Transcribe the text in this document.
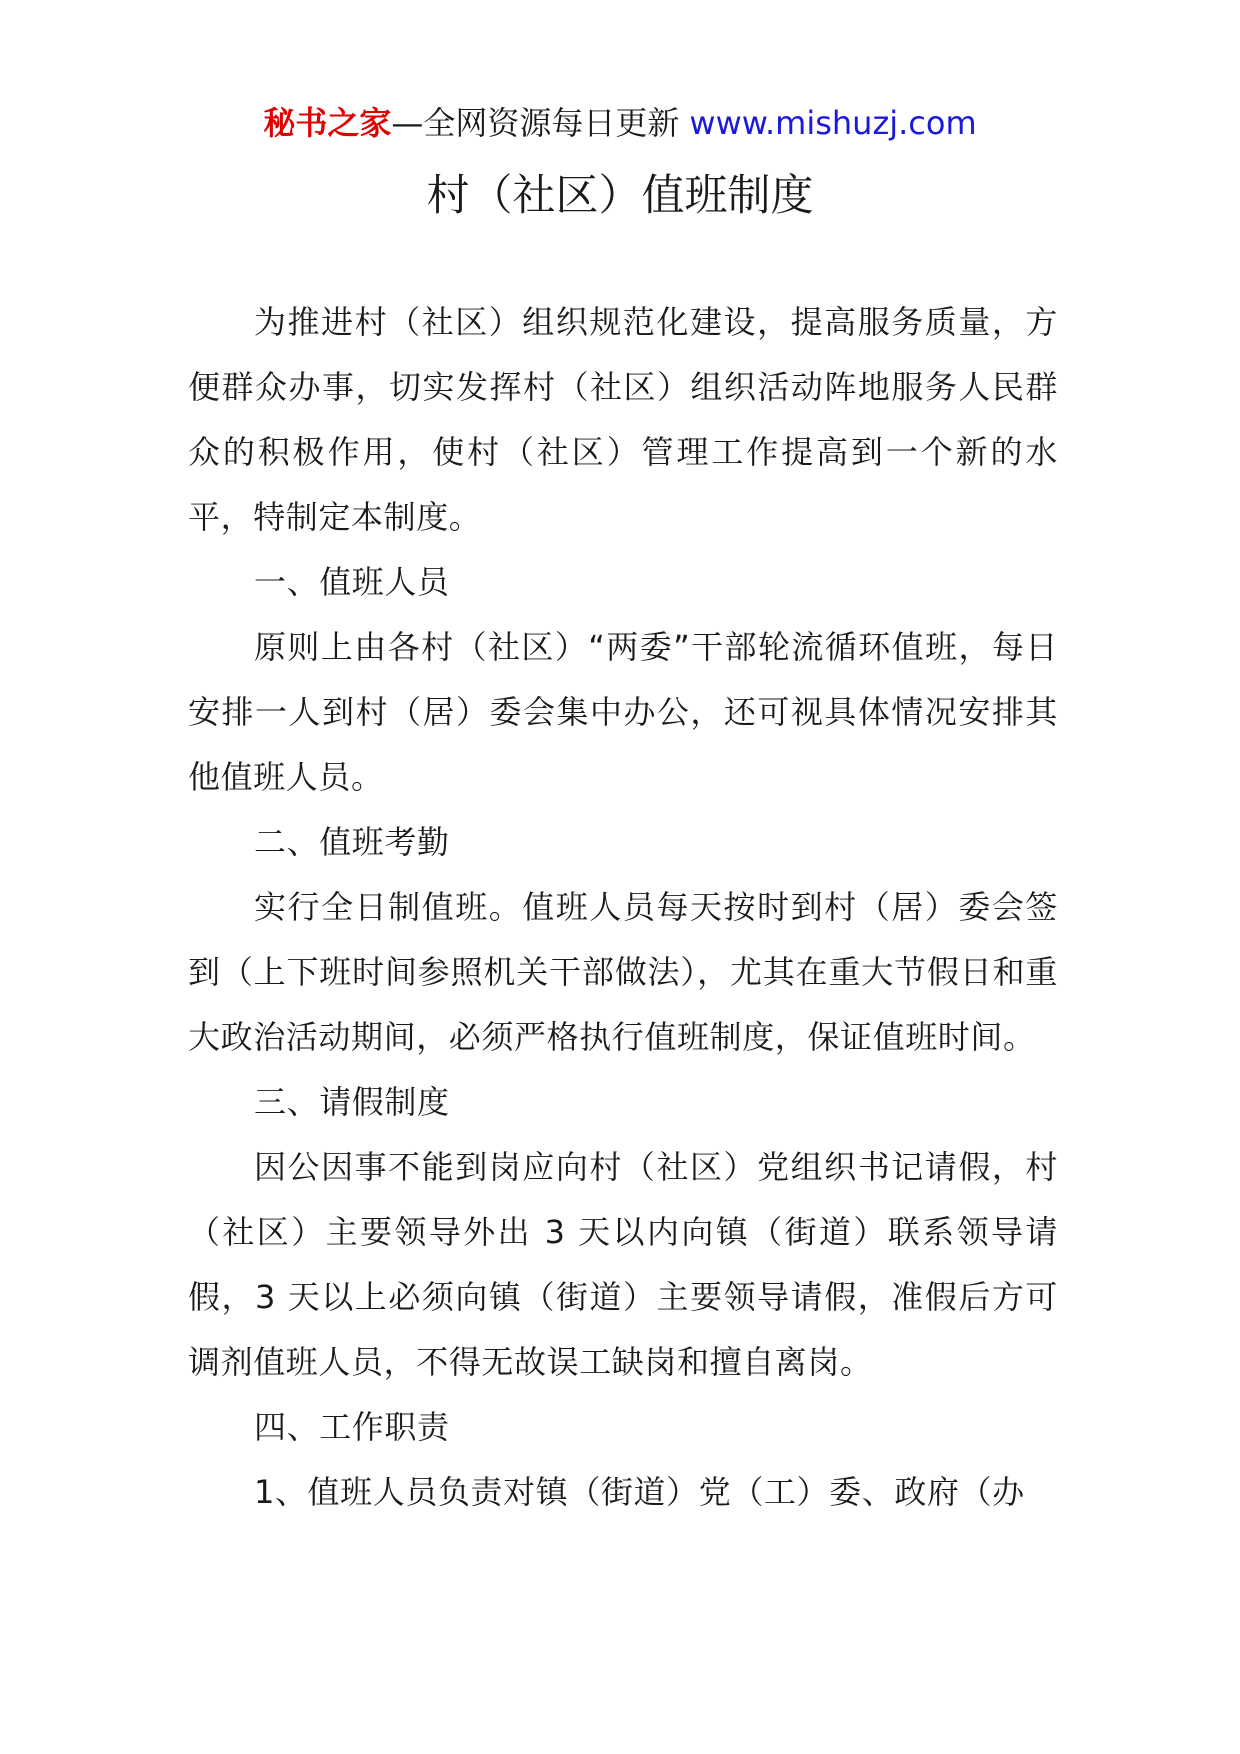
秘书之家—全网资源每日更新 www.mishuzj.com
村（社区）值班制度

为推进村（社区）组织规范化建设，提高服务质量，方便群众办事，切实发挥村（社区）组织活动阵地服务人民群众的积极作用，使村（社区）管理工作提高到一个新的水平，特制定本制度。

一、值班人员

原则上由各村（社区）“两委”干部轮流循环值班，每日安排一人到村（居）委会集中办公，还可视具体情况安排其他值班人员。

二、值班考勤

实行全日制值班。值班人员每天按时到村（居）委会签到（上下班时间参照机关干部做法），尤其在重大节假日和重大政治活动期间，必须严格执行值班制度，保证值班时间。

三、请假制度

因公因事不能到岗应向村（社区）党组织书记请假，村（社区）主要领导外出 3 天以内向镇（街道）联系领导请假，3 天以上必须向镇（街道）主要领导请假，准假后方可调剂值班人员，不得无故误工缺岗和擅自离岗。

四、工作职责

1、值班人员负责对镇（街道）党（工）委、政府（办
